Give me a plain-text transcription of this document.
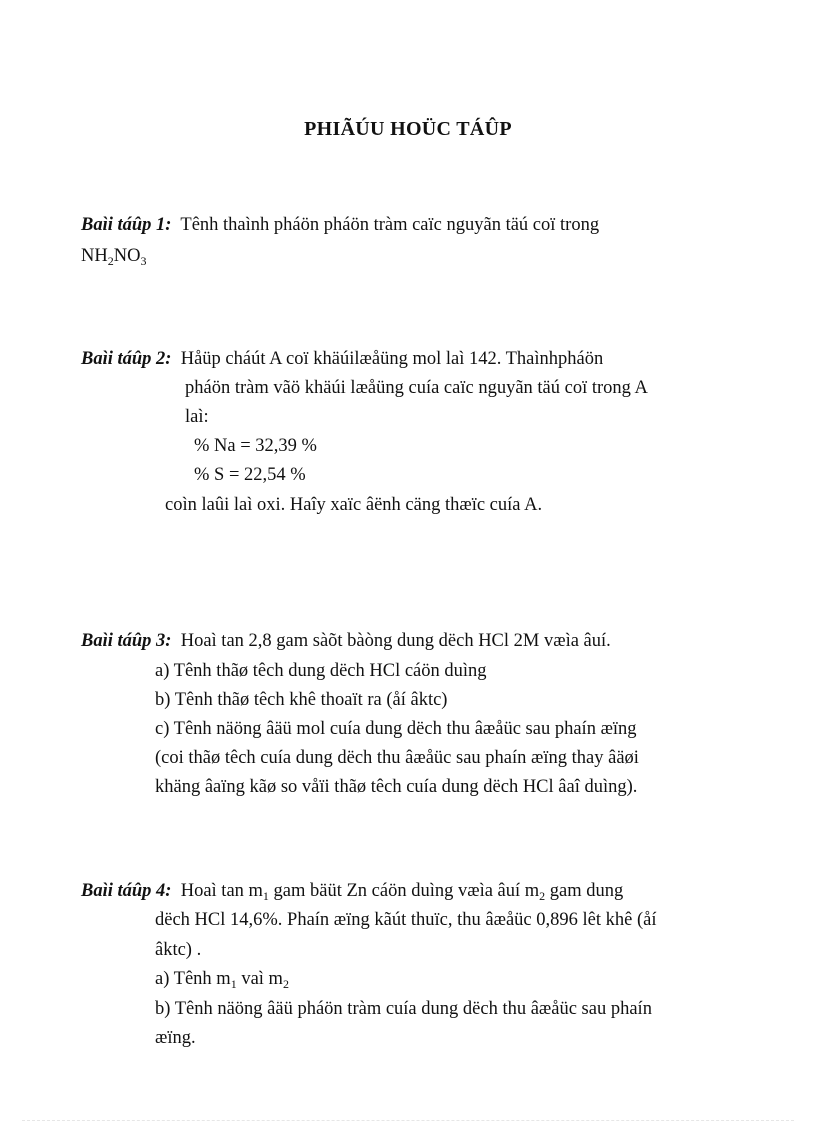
PHIÃÚU HOÜC TÁÛP
Baìi táûp 1: Tênh thaình pháön pháön tràm caïc nguyãn täú coï trong
$NH_2NO_3$
Baìi táûp 2: Håüp cháút A coï khäúilæåüng mol laì 142. Thaìnhpháön
pháön tràm vãö khäúi læåüng cuía caïc nguyãn täú coï trong A
laì:
% Na = 32,39 %
% S = 22,54 %
coìn laûi laì oxi. Haîy xaïc âënh cäng thæïc cuía A.
Baìi táûp 3: Hoaì tan 2,8 gam sàõt bàòng dung dëch HCl 2M væìa âuí.
a) Tênh thãø têch dung dëch HCl cáön duìng
b) Tênh thãø têch khê thoaït ra (åí âktc)
c) Tênh näöng âäü mol cuía dung dëch thu âæåüc sau phaín æïng
(coi thãø têch cuía dung dëch thu âæåüc sau phaín æïng thay âäøi
khäng âaïng kãø so våïi thãø têch cuía dung dëch HCl âaî duìng).
Baìi táûp 4: Hoaì $\tan m_1$ gam bäüt Zn cáön duìng væìa âuí $m_2$ gam dung
dëch HCl 14,6%. Phaín æïng kãút thuïc, thu âæåüc 0,896 lêt khê (åí
âktc) .
a) Tênh $m_1$ vaì $m_2$
b) Tênh näöng âäü pháön tràm cuía dung dëch thu âæåüc sau phaín
æïng.
